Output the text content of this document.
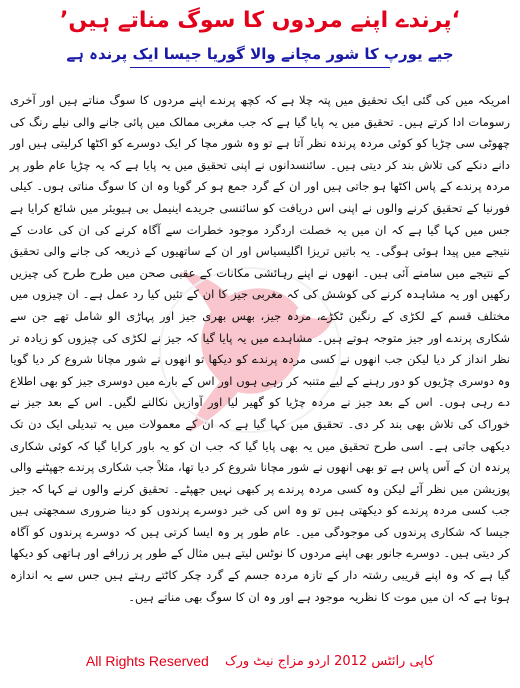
‘پرندے اپنے مردوں کا سوگ مناتے ہیں’
جیے یورپ کا شور مچانے والا گوریا جیسا ایک پرندہ ہے
امریکہ میں کی گئی ایک تحقیق میں پتہ چلا ہے کہ کچھ پرندے اپنے مردوں کا سوگ مناتے ہیں اور آخری رسومات ادا کرتے ہیں۔ تحقیق میں یہ پایا گیا ہے کہ جب مغربی ممالک میں پائی جانے والی نیلے رنگ کی چھوٹی سی چڑیا کو کوئی مردہ پرندہ نظر آتا ہے تو وہ شور مچا کر ایک دوسرے کو اکٹھا کرلیتی ہیں اور دانے دنکے کی تلاش بند کر دیتی ہیں۔ سائنسدانوں نے اپنی تحقیق میں یہ پایا ہے کہ یہ چڑیا عام طور پر مردہ پرندے کے پاس اکٹھا ہو جاتی ہیں اور ان کے گرد جمع ہو کر گویا وہ ان کا سوگ مناتی ہوں۔ کیلی فورنیا کے تحقیق کرنے والوں نے اپنی اس دریافت کو سائنسی جریدے اینیمل بی ہیویئر میں شائع کرایا ہے جس میں کہا گیا ہے کہ ان میں یہ خصلت اردگرد موجود خطرات سے آگاہ کرنے کی ان کی عادت کے نتیجے میں پیدا ہوئی ہوگی۔ یہ باتیں تریزا اگلیسیاس اور ان کے ساتھیوں کے ذریعہ کی جانے والی تحقیق کے نتیجے میں سامنے آئی ہیں۔ انھوں نے اپنے رہائشی مکانات کے عقبی صحن میں طرح طرح کی چیزیں رکھیں اور یہ مشاہدہ کرنے کی کوشش کی کہ مغربی جیز کا ان کے تئیں کیا رد عمل ہے۔ ان چیزوں میں مختلف قسم کے لکڑی کے رنگین ٹکڑے، مردہ جیز، بھس بھری جیز اور پہاڑی الو شامل تھے جن سے شکاری پرندے اور جیز متوجہ ہوتے ہیں۔ مشاہدے میں یہ پایا گیا کہ جیز نے لکڑی کی چیزوں کو زیادہ تر نظر انداز کر دیا لیکن جب انھوں نے کسی مردہ پرندے کو دیکھا تو انھوں نے شور مچانا شروع کر دیا گویا وہ دوسری چڑیوں کو دور رہنے کے لیے متنبہ کر رہی ہوں اور اس کے بارے میں دوسری جیز کو بھی اطلاع دے رہی ہوں۔ اس کے بعد جیز نے مردہ چڑیا کو گھیر لیا اور آوازیں نکالنے لگیں۔ اس کے بعد جیز نے خوراک کی تلاش بھی بند کر دی۔ تحقیق میں کہا گیا ہے کہ ان کے معمولات میں یہ تبدیلی ایک دن تک دیکھی جاتی ہے۔ اسی طرح تحقیق میں یہ بھی پایا گیا کہ جب ان کو یہ باور کرایا گیا کہ کوئی شکاری پرندہ ان کے آس پاس ہے تو بھی انھوں نے شور مچانا شروع کر دیا تھا، مثلاً جب شکاری پرندے جھپٹنے والی پوزیشن میں نظر آئے لیکن وہ کسی مردہ پرندے پر کبھی نہیں جھپٹے۔ تحقیق کرنے والوں نے کہا کہ جیز جب کسی مردہ پرندے کو دیکھتی ہیں تو وہ اس کی خبر دوسرے پرندوں کو دینا ضروری سمجھتی ہیں جیسا کہ شکاری پرندوں کی موجودگی میں۔ عام طور پر وہ ایسا کرتی ہیں کہ دوسرے پرندوں کو آگاہ کر دیتی ہیں۔ دوسرے جانور بھی اپنے مردوں کا نوٹس لیتے ہیں مثال کے طور پر زرافے اور ہاتھی کو دیکھا گیا ہے کہ وہ اپنے قریبی رشتہ دار کے تازہ مردہ جسم کے گرد چکر کاٹتے رہتے ہیں جس سے یہ اندازہ ہوتا ہے کہ ان میں موت کا نظریہ موجود ہے اور وہ ان کا سوگ بھی مناتے ہیں۔
All Rights Reserved کاپی رائٹس 2012 اردو مزاج نیٹ ورک
